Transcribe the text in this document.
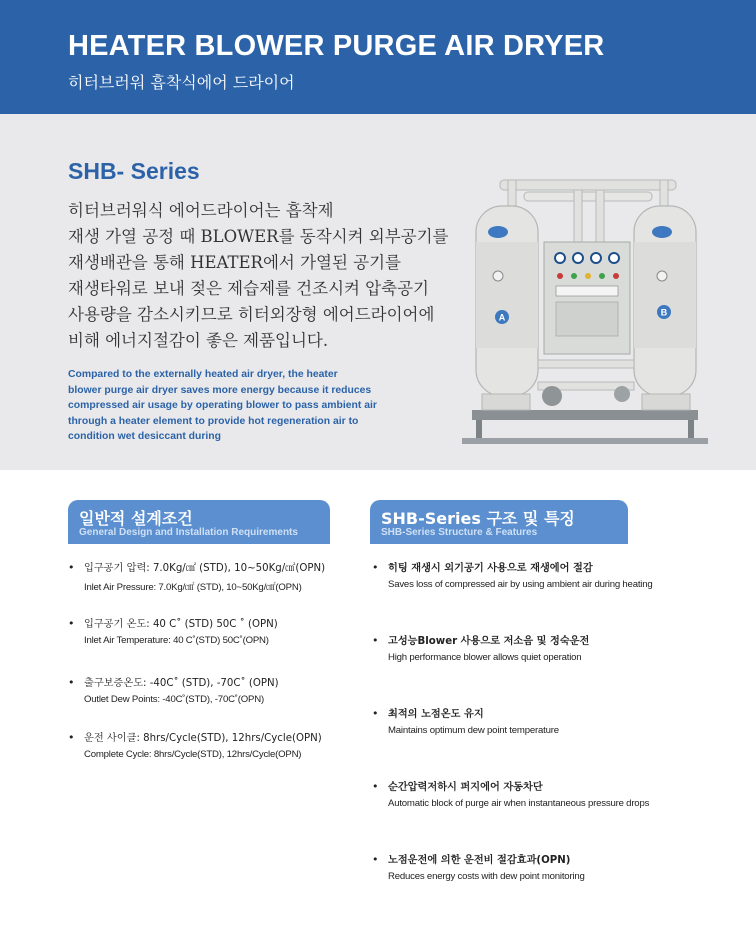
HEATER BLOWER PURGE AIR DRYER
히터브러워 흡착식에어 드라이어
SHB- Series
히터브러워식 에어드라이어는 흡착제
재생 가열 공정 때 BLOWER를 동작시켜 외부공기를
재생배관을 통해 HEATER에서 가열된 공기를
재생타워로 보내 젖은 제습제를 건조시켜 압축공기
사용량을 감소시키므로 히터외장형 에어드라이어에
비해 에너지절감이 좋은 제품입니다.
Compared to the externally heated air dryer, the heater
blower purge air dryer saves more energy because it reduces
compressed air usage by operating blower to pass ambient air
through a heater element to provide hot regeneration air to
condition wet desiccant during
A	B
일반적 설계조건
General Design and Installation Requirements
SHB-Series 구조 및 특징
SHB-Series Structure & Features
• 입구공기 압력: 7.0Kg/㎠ (STD), 10~50Kg/㎠(OPN)
Inlet Air Pressure: 7.0Kg/㎠ (STD), 10~50Kg/㎠(OPN)
• 입구공기 온도: 40 C˚ (STD) 50C ˚ (OPN)
Inlet Air Temperature: 40 C˚(STD) 50C˚(OPN)
• 출구보증온도: -40C˚ (STD), -70C˚ (OPN)
Outlet Dew Points: -40C˚(STD), -70C˚(OPN)
• 운전 사이클: 8hrs/Cycle(STD), 12hrs/Cycle(OPN)
Complete Cycle: 8hrs/Cycle(STD), 12hrs/Cycle(OPN)
• 히팅 재생시 외기공기 사용으로 재생에어 절감
Saves loss of compressed air by using ambient air during heating
• 고성능Blower 사용으로 저소음 및 정숙운전
High performance blower allows quiet operation
• 최적의 노점온도 유지
Maintains optimum dew point temperature
• 순간압력저하시 퍼지에어 자동차단
Automatic block of purge air when instantaneous pressure drops
• 노점운전에 의한 운전비 절감효과(OPN)
Reduces energy costs with dew point monitoring
